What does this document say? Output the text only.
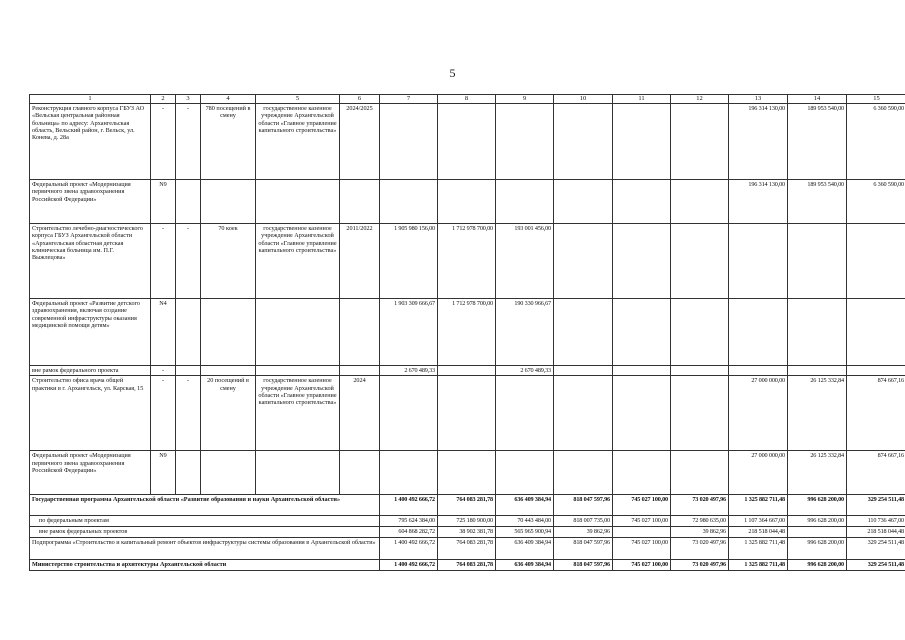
5
1	2	3	4	5	6	7	8	9	10	11	12	13	14	15
Реконструкция главного корпуса ГБУЗ АО «Вельская центральная районная больница» по адресу: Архангельская область, Вельский район, г. Вельск, ул. Конева, д. 28а	-	-	780 посещений в смену	государственное казенное учреждение Архангельской области «Главное управление капитального строительства»	2024/2025							196 314 130,00	189 953 540,00	6 360 590,00
Федеральный проект «Модернизация первичного звена здравоохранения Российской Федерации»	N9											196 314 130,00	189 953 540,00	6 360 590,00
Строительство лечебно-диагностического корпуса ГБУЗ Архангельской области «Архангельская областная детская клиническая больница им. П.Г. Выжлецова»	-	-	70 коек	государственное казенное учреждение Архангельской области «Главное управление капитального строительства»	2011/2022	1 905 980 156,00	1 712 978 700,00	193 001 456,00						
Федеральный проект «Развитие детского здравоохранения, включая создание современной инфраструктуры оказания медицинской помощи детям»	N4					1 903 309 666,67	1 712 978 700,00	190 330 966,67						
вне рамок федерального проекта	-					2 670 489,33		2 670 489,33						
Строительство офиса врача общей практики в г. Архангельск, ул. Карская, 15	-	-	20 посещений в смену	государственное казенное учреждение Архангельской области «Главное управление капитального строительства»	2024							27 000 000,00	26 125 332,84	874 667,16
Федеральный проект «Модернизация первичного звена здравоохранения Российской Федерации»	N9											27 000 000,00	26 125 332,84	874 667,16
Государственная программа Архангельской области «Развитие образования и науки Архангельской области»						1 400 492 666,72	764 083 281,78	636 409 384,94	818 047 597,96	745 027 100,00	73 020 497,96	1 325 882 711,48	996 628 200,00	329 254 511,48
по федеральным проектам						795 624 384,00	725 180 900,00	70 443 484,00	818 007 735,00	745 027 100,00	72 980 635,00	1 107 364 667,00	996 628 200,00	110 736 467,00
вне рамок федеральных проектов						604 868 282,72	38 902 381,78	565 965 900,94	39 862,96		39 862,96	218 518 044,48		218 518 044,48
Подпрограмма «Строительство и капитальный ремонт объектов инфраструктуры системы образования в Архангельской области»						1 400 492 666,72	764 083 281,78	636 409 384,94	818 047 597,96	745 027 100,00	73 020 497,96	1 325 882 711,48	996 628 200,00	329 254 511,48
Министерство строительства и архитектуры Архангельской области						1 400 492 666,72	764 083 281,78	636 409 384,94	818 047 597,96	745 027 100,00	73 020 497,96	1 325 882 711,48	996 628 200,00	329 254 511,48
